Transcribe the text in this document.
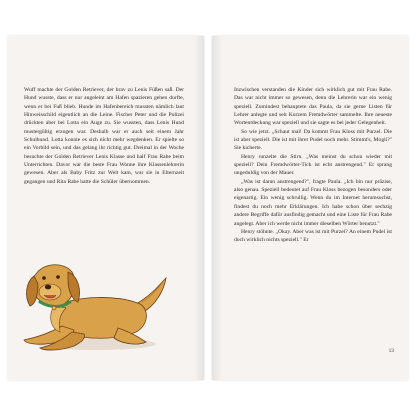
Wuff machte der Golden Retriever, der brav zu Lenis Füßen saß. Der Hund wusste, dass er nur angeleint am Hafen spazieren gehen durfte, wenn er bei Fuß blieb. Hunde im Hafenbereich mussten nämlich laut Hinweisschild eigentlich an die Leine. Fischer Peter und die Polizei drückten aber bei Lotta ein Auge zu. Sie wussten, dass Lenis Hund mustergültig erzogen war. Deshalb war er auch seit einem Jahr Schulhund. Lotta konnte es sich nicht mehr wegdenken. Er spielte so ein Vorbild sein, und das gelang ihr richtig gut. Dreimal in der Woche besuchte der Golden Retriever Lenis Klasse und half Frau Rabe beim Unterrichten. Davor war die beste Frau Wonne ihre Klassenlehrerin gewesen. Aber als Baby Fritz zur Welt kam, war sie in Elternzeit gegangen und Rita Rabe hatte die Schüler übernommen.

Inzwischen verstanden die Kinder sich wirklich gut mit Frau Rabe. Das war nicht immer so gewesen, denn die Lehrerin war ein wenig speziell. Zumindest behauptete das Paula, da sie gerne Listen für Lehrer anlegte und seit Kurzem Fremdwörter sammelte. Ihre neueste Wortentdeckung war speziell und sie sagte es bei jeder Gelegenheit.

So wie jetzt. „Schaut mal! Da kommt Frau Kloss mit Purzel. Die ist aber speziell. Die ist mit ihrer Pudel noch mehr. Stimmt's, Mogli?" Sie kicherte.

Henry runzelte die Stirn. „Was meinst du schon wieder mit speziell? Dein Fremdwörter-Tick ist echt anstrengend." Er sprang ungeduldig von der Mauer.

„Was ist daran anstrengend?", fragte Paula. „Ich bin nur präzise, also genau. Speziell bedeutet auf Frau Kloss bezogen besonders oder eigenartig. Ein wenig schrullig. Wenn du im Internet herumsuchst, findest du noch mehr Erklärungen. Ich habe schon über sechzig andere Begriffe dafür ausfindig gemacht und eine Liste für Frau Rabe angelegt. Aber ich werde nicht immer dieselben Wörter benutzt."

Henry stöhnte. „Okay. Aber was ist mit Purzel? An einem Pudel ist doch wirklich nichts speziell." Er

13
